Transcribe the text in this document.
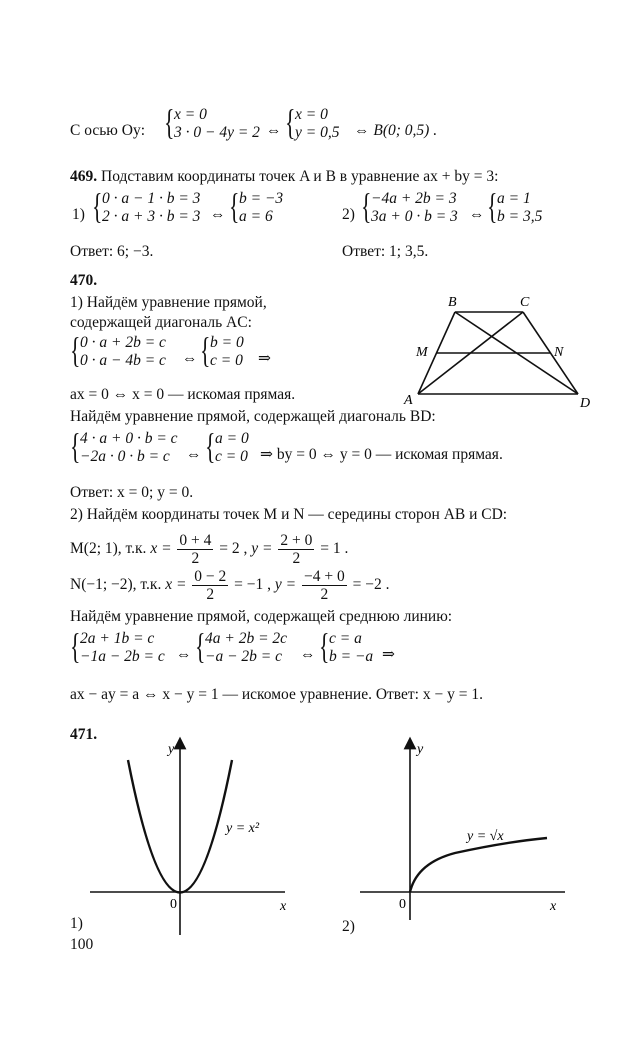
С осью Oy: { x = 0
3 · 0 − 4y = 2 ⇔ { x = 0
y = 0,5 ⇔ B(0; 0,5) .
469. Подставим координаты точек A и B в уравнение ax + by = 3:
1) { 0 · a − 1 · b = 3
2 · a + 3 · b = 3 ⇔ { b = −3
a = 6	2) { −4a + 2b = 3
3a + 0 · b = 3 ⇔ { a = 1
b = 3,5
Ответ: 6; −3.	Ответ: 1; 3,5.
470.
1) Найдём уравнение прямой,
содержащей диагональ AC:
{ 0 · a + 2b = c
0 · a − 4b = c ⇔ { b = 0
c = 0 ⇒
ax = 0 ⇔ x = 0 — искомая прямая.
B	C
M	N
A	D
Найдём уравнение прямой, содержащей диагональ BD:
{ 4 · a + 0 · b = c
−2a · 0 · b = c ⇔ { a = 0
c = 0 ⇒ by = 0 ⇔ y = 0 — искомая прямая.
Ответ: x = 0; y = 0.
2) Найдём координаты точек M и N — середины сторон AB и CD:
M(2; 1), т.к. $x = \frac{0 + 4}{2} = 2$ , $y = \frac{2 + 0}{2} = 1$ .
N(−1; −2), т.к. $x = \frac{0 - 2}{2} = -1$ , $y = \frac{-4 + 0}{2} = -2$ .
Найдём уравнение прямой, содержащей среднюю линию:
{ 2a + 1b = c
−1a − 2b = c ⇔ { 4a + 2b = 2c
−a − 2b = c ⇔ { c = a
b = −a ⇒
ax − ay = a ⇔ x − y = 1 — искомое уравнение. Ответ: x − y = 1.
471.
y
x
0
y = x²
1)
y
x
0
y = √x
2)
100
